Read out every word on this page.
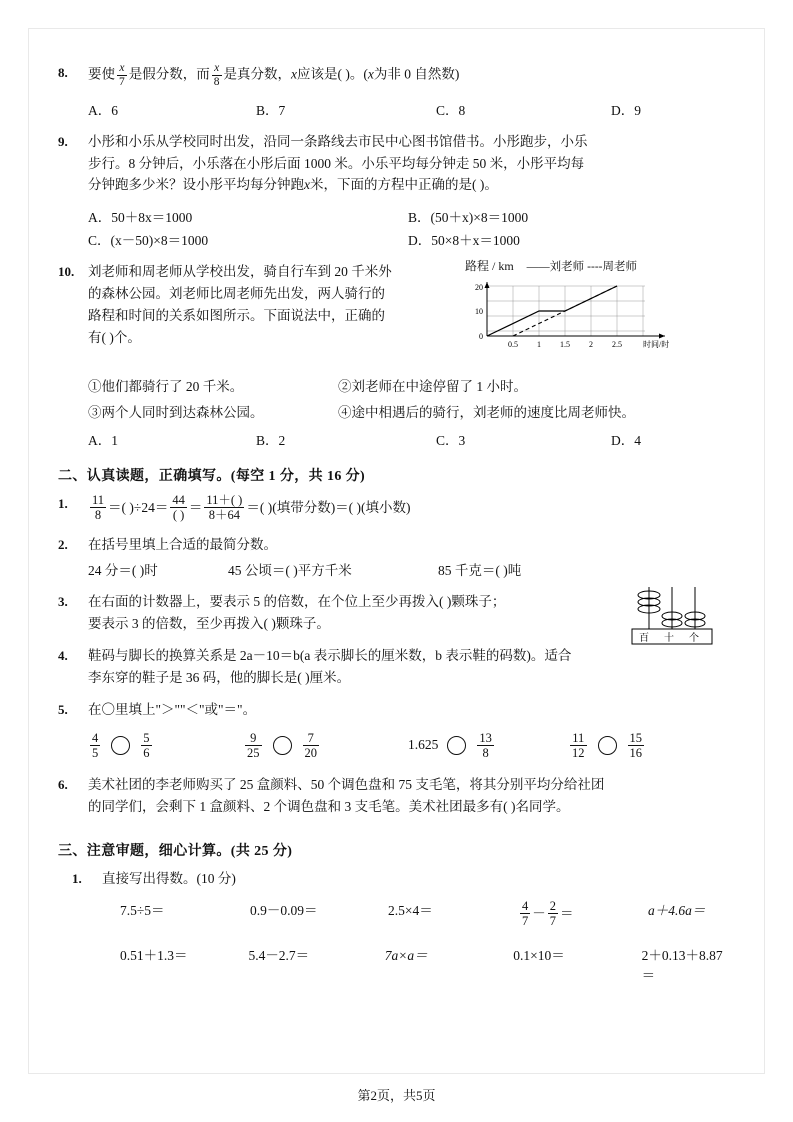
8. 要使 $\frac{x}{7}$ 是假分数，而 $\frac{x}{8}$ 是真分数，x应该是( )。(x为非 0 自然数)
A．6	B．7	C．8	D．9
9. 小彤和小乐从学校同时出发，沿同一条路线去市民中心图书馆借书。小彤跑步，小乐
步行。8 分钟后，小乐落在小彤后面 1000 米。小乐平均每分钟走 50 米，小彤平均每
分钟跑多少米？设小彤平均每分钟跑x米，下面的方程中正确的是( )。
A．50＋8x＝1000	B．(50＋x)×8＝1000
C．(x－50)×8＝1000	D．50×8＋x＝1000
10. 刘老师和周老师从学校出发，骑自行车到 20 千米外
的森林公园。刘老师比周老师先出发，两人骑行的
路程和时间的关系如图所示。下面说法中，正确的
有( )个。
路程 / km ——刘老师 ----周老师
20
10
0
0.5 1 1.5 2 2.5	时间/时
①他们都骑行了 20 千米。	②刘老师在中途停留了 1 小时。
③两个人同时到达森林公园。	④途中相遇后的骑行，刘老师的速度比周老师快。
A．1	B．2	C．3	D．4
二、认真读题，正确填写。(每空 1 分，共 16 分)
1. $\frac{11}{8}$ ＝( )$\div 24= \frac{44}{( )} = \frac{11+( )}{8+64}$ ＝( )(填带分数)＝( )(填小数)
2. 在括号里填上合适的最简分数。
24 分＝( )时	45 公顷＝( )平方千米	85 千克＝( )吨
3. 在右面的计数器上，要表示 5 的倍数，在个位上至少再拨入( )颗珠子；
要表示 3 的倍数，至少再拨入( )颗珠子。
百 十 个
4. 鞋码与脚长的换算关系是 2a－10＝b(a 表示脚长的厘米数，b 表示鞋的码数)。适合
李东穿的鞋子是 36 码，他的脚长是( )厘米。
5. 在〇里填上"＞""＜"或"＝"。
$\frac{4}{5}$	$\frac{5}{6}$	$\frac{9}{25}$	$\frac{7}{20}$	1.625	$\frac{13}{8}$	$\frac{11}{12}$	$\frac{15}{16}$
6. 美术社团的李老师购买了 25 盒颜料、50 个调色盘和 75 支毛笔，将其分别平均分给社团
的同学们，会剩下 1 盒颜料、2 个调色盘和 3 支毛笔。美术社团最多有( )名同学。
三、注意审题，细心计算。(共 25 分)
1. 直接写出得数。(10 分)
7.5÷5＝	0.9－0.09＝	2.5×4＝	$\frac{4}{7} - \frac{2}{7}$ ＝	a＋4.6a＝
0.51＋1.3＝	5.4－2.7＝	7a×a＝	0.1×10＝	2＋0.13＋8.87＝
第2页，共5页
